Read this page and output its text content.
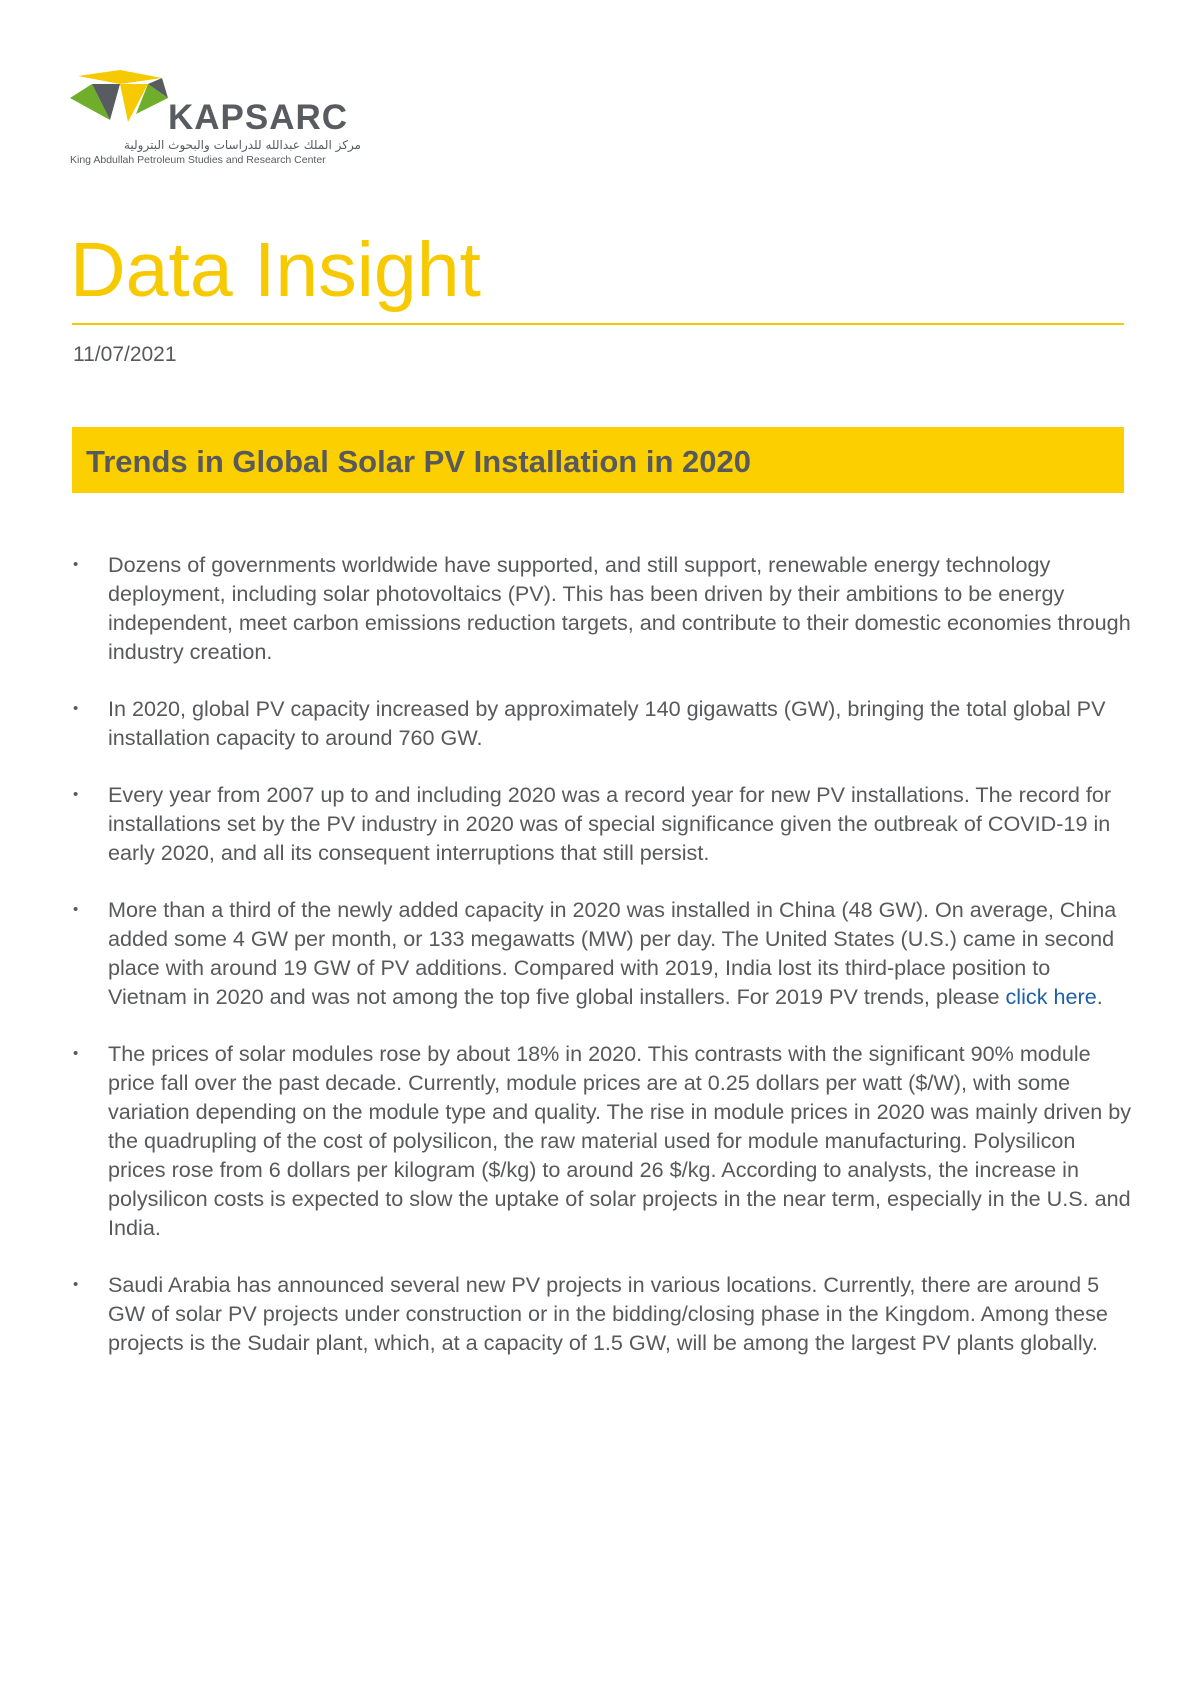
KAPSARC
مركز الملك عبدالله للدراسات والبحوث البترولية
King Abdullah Petroleum Studies and Research Center
Data Insight
11/07/2021
Trends in Global Solar PV Installation in 2020
• Dozens of governments worldwide have supported, and still support, renewable energy technology deployment, including solar photovoltaics (PV). This has been driven by their ambitions to be energy independent, meet carbon emissions reduction targets, and contribute to their domestic economies through industry creation.
• In 2020, global PV capacity increased by approximately 140 gigawatts (GW), bringing the total global PV installation capacity to around 760 GW.
• Every year from 2007 up to and including 2020 was a record year for new PV installations. The record for installations set by the PV industry in 2020 was of special significance given the outbreak of COVID-19 in early 2020, and all its consequent interruptions that still persist.
• More than a third of the newly added capacity in 2020 was installed in China (48 GW). On average, China added some 4 GW per month, or 133 megawatts (MW) per day. The United States (U.S.) came in second place with around 19 GW of PV additions. Compared with 2019, India lost its third-place position to Vietnam in 2020 and was not among the top five global installers. For 2019 PV trends, please click here.
• The prices of solar modules rose by about 18% in 2020. This contrasts with the significant 90% module price fall over the past decade. Currently, module prices are at 0.25 dollars per watt ($/W), with some variation depending on the module type and quality. The rise in module prices in 2020 was mainly driven by the quadrupling of the cost of polysilicon, the raw material used for module manufacturing. Polysilicon prices rose from 6 dollars per kilogram ($/kg) to around 26 $/kg. According to analysts, the increase in polysilicon costs is expected to slow the uptake of solar projects in the near term, especially in the U.S. and India.
• Saudi Arabia has announced several new PV projects in various locations. Currently, there are around 5 GW of solar PV projects under construction or in the bidding/closing phase in the Kingdom. Among these projects is the Sudair plant, which, at a capacity of 1.5 GW, will be among the largest PV plants globally.
